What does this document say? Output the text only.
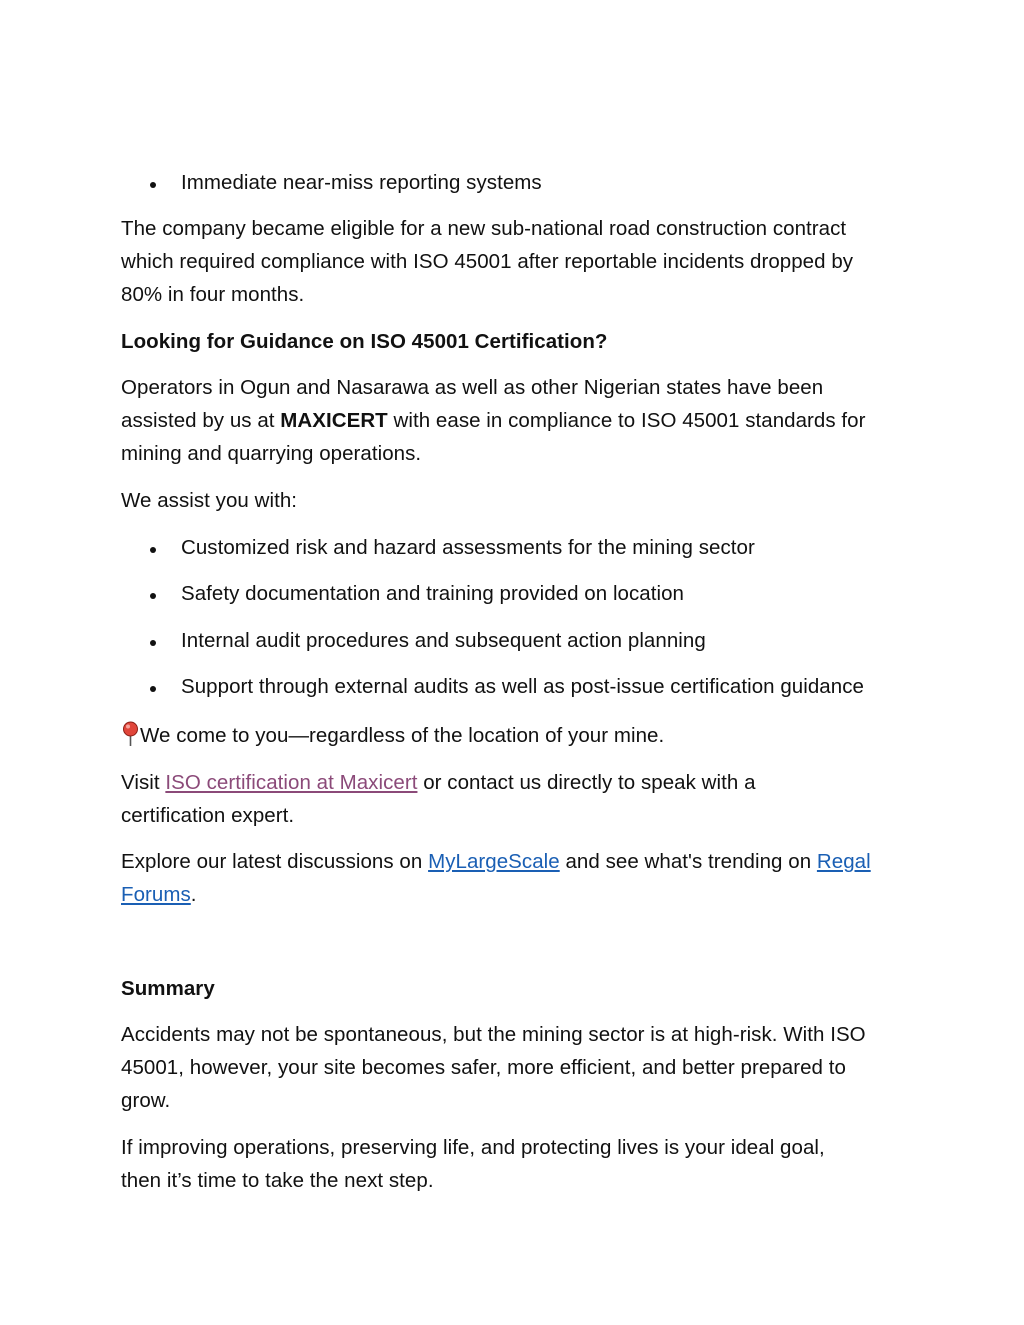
Immediate near-miss reporting systems
The company became eligible for a new sub-national road construction contract
which required compliance with ISO 45001 after reportable incidents dropped by
80% in four months.
Looking for Guidance on ISO 45001 Certification?
Operators in Ogun and Nasarawa as well as other Nigerian states have been
assisted by us at MAXICERT with ease in compliance to ISO 45001 standards for
mining and quarrying operations.
We assist you with:
Customized risk and hazard assessments for the mining sector
Safety documentation and training provided on location
Internal audit procedures and subsequent action planning
Support through external audits as well as post-issue certification guidance
We come to you—regardless of the location of your mine.
Visit ISO certification at Maxicert or contact us directly to speak with a
certification expert.
Explore our latest discussions on MyLargeScale and see what's trending on Regal
Forums.
Summary
Accidents may not be spontaneous, but the mining sector is at high-risk. With ISO
45001, however, your site becomes safer, more efficient, and better prepared to
grow.
If improving operations, preserving life, and protecting lives is your ideal goal,
then it’s time to take the next step.
